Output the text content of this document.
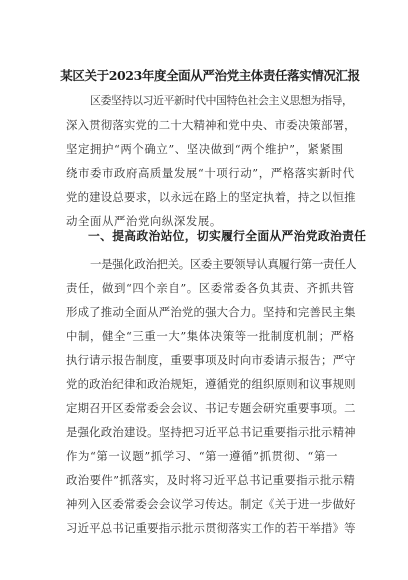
某区关于2023年度全面从严治党主体责任落实情况汇报
区委坚持以习近平新时代中国特色社会主义思想为指导，
深入贯彻落实党的二十大精神和党中央、市委决策部署，
坚定拥护“两个确立”、坚决做到“两个维护”，紧紧围
绕市委市政府高质量发展“十项行动”，严格落实新时代
党的建设总要求，以永远在路上的坚定执着，持之以恒推
动全面从严治党向纵深发展。
一、提高政治站位，切实履行全面从严治党政治责任
一是强化政治把关。区委主要领导认真履行第一责任人
责任，做到“四个亲自”。区委常委各负其责、齐抓共管
形成了推动全面从严治党的强大合力。坚持和完善民主集
中制，健全“三重一大”集体决策等一批制度机制；严格
执行请示报告制度，重要事项及时向市委请示报告；严守
党的政治纪律和政治规矩，遵循党的组织原则和议事规则
定期召开区委常委会会议、书记专题会研究重要事项。二
是强化政治建设。坚持把习近平总书记重要指示批示精神
作为“第一议题”抓学习、“第一遵循”抓贯彻、“第一
政治要件”抓落实，及时将习近平总书记重要指示批示精
神列入区委常委会会议学习传达。制定《关于进一步做好
习近平总书记重要指示批示贯彻落实工作的若干举措》等
